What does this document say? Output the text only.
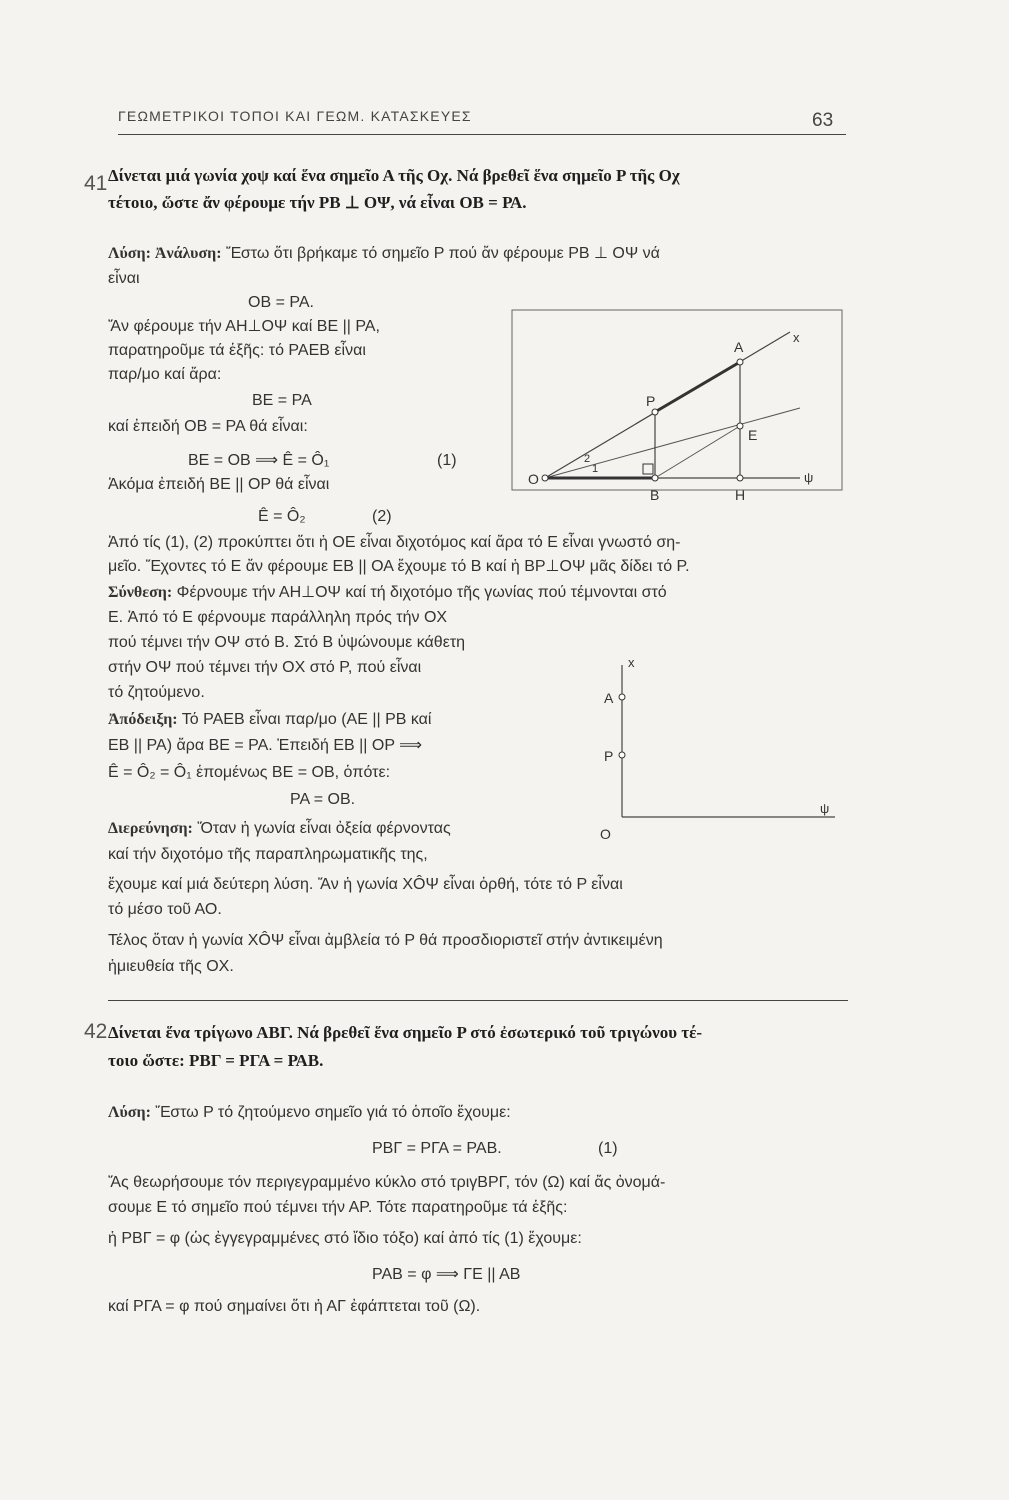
ΓΕΩΜΕΤΡΙΚΟΙ ΤΟΠΟΙ ΚΑΙ ΓΕΩΜ. ΚΑΤΑΣΚΕΥΕΣ	63
41 Δίνεται μιά γωνία χοψ καί ἕνα σημεῖο Α τῆς Οχ. Νά βρεθεῖ ἕνα σημεῖο Ρ τῆς Οχ
τέτοιο, ὥστε ἄν φέρουμε τήν ΡΒ ⊥ ΟΨ, νά εἶναι ΟΒ = ΡΑ.
Λύση: Ἀνάλυση: Ἔστω ὅτι βρήκαμε τό σημεῖο Ρ πού ἄν φέρουμε ΡΒ ⊥ ΟΨ νά
εἶναι
ΟΒ = ΡΑ.
Ἄν φέρουμε τήν ΑΗ⊥ΟΨ καί ΒΕ || ΡΑ,
παρατηροῦμε τά ἑξῆς: τό ΡΑΕΒ εἶναι
παρ/μο καί ἄρα:
ΒΕ = ΡΑ
καί ἐπειδή ΟΒ = ΡΑ θά εἶναι:
ΒΕ = ΟΒ ⟹ Ê = Ô₁	(1)
Ἀκόμα ἐπειδή ΒΕ || ΟΡ θά εἶναι
Ê = Ô₂	(2)
Ἀπό τίς (1), (2) προκύπτει ὅτι ἡ ΟΕ εἶναι διχοτόμος καί ἄρα τό Ε εἶναι γνωστό ση-
μεῖο. Ἔχοντες τό Ε ἄν φέρουμε ΕΒ || ΟΑ ἔχουμε τό Β καί ἡ ΒΡ⊥ΟΨ μᾶς δίδει τό Ρ.
Σύνθεση: Φέρνουμε τήν ΑΗ⊥ΟΨ καί τή διχοτόμο τῆς γωνίας πού τέμνονται στό
Ε. Ἀπό τό Ε φέρνουμε παράλληλη πρός τήν ΟΧ
πού τέμνει τήν ΟΨ στό Β. Στό Β ὑψώνουμε κάθετη
στήν ΟΨ πού τέμνει τήν ΟΧ στό Ρ, πού εἶναι
τό ζητούμενο.
Ἀπόδειξη: Τό ΡΑΕΒ εἶναι παρ/μο (ΑΕ || ΡΒ καί
ΕΒ || ΡΑ) ἄρα ΒΕ = ΡΑ. Ἐπειδή ΕΒ || ΟΡ ⟹
Ê = Ô₂ = Ô₁ ἑπομένως ΒΕ = ΟΒ, ὁπότε:
ΡΑ = ΟΒ.
Διερεύνηση: Ὅταν ἡ γωνία εἶναι ὀξεία φέρνοντας
καί τήν διχοτόμο τῆς παραπληρωματικῆς της,
ἔχουμε καί μιά δεύτερη λύση. Ἄν ἡ γωνία ΧÔΨ εἶναι ὀρθή, τότε τό Ρ εἶναι
τό μέσο τοῦ ΑΟ.
Τέλος ὅταν ἡ γωνία ΧÔΨ εἶναι ἀμβλεία τό Ρ θά προσδιοριστεῖ στήν ἀντικειμένη
ἡμιευθεία τῆς ΟΧ.
O
A
P
E
B	H
x
ψ
1
2
x
A
P
O
ψ
42 Δίνεται ἕνα τρίγωνο ΑΒΓ. Νά βρεθεῖ ἕνα σημεῖο Ρ στό ἐσωτερικό τοῦ τριγώνου τέ-
τοιο ὥστε: ΡΒΓ = ΡΓΑ = ΡΑΒ.
Λύση: Ἔστω Ρ τό ζητούμενο σημεῖο γιά τό ὁποῖο ἔχουμε:
ΡΒΓ = ΡΓΑ = ΡΑΒ.	(1)
Ἄς θεωρήσουμε τόν περιγεγραμμένο κύκλο στό τριγΒΡΓ, τόν (Ω) καί ἄς ὀνομά-
σουμε Ε τό σημεῖο πού τέμνει τήν ΑΡ. Τότε παρατηροῦμε τά ἑξῆς:
ἡ ΡΒΓ = φ (ὡς ἐγγεγραμμένες στό ἴδιο τόξο) καί ἀπό τίς (1) ἔχουμε:
ΡΑΒ = φ ⟹ ΓΕ || ΑΒ
καί ΡΓΑ = φ πού σημαίνει ὅτι ἡ ΑΓ ἐφάπτεται τοῦ (Ω).
